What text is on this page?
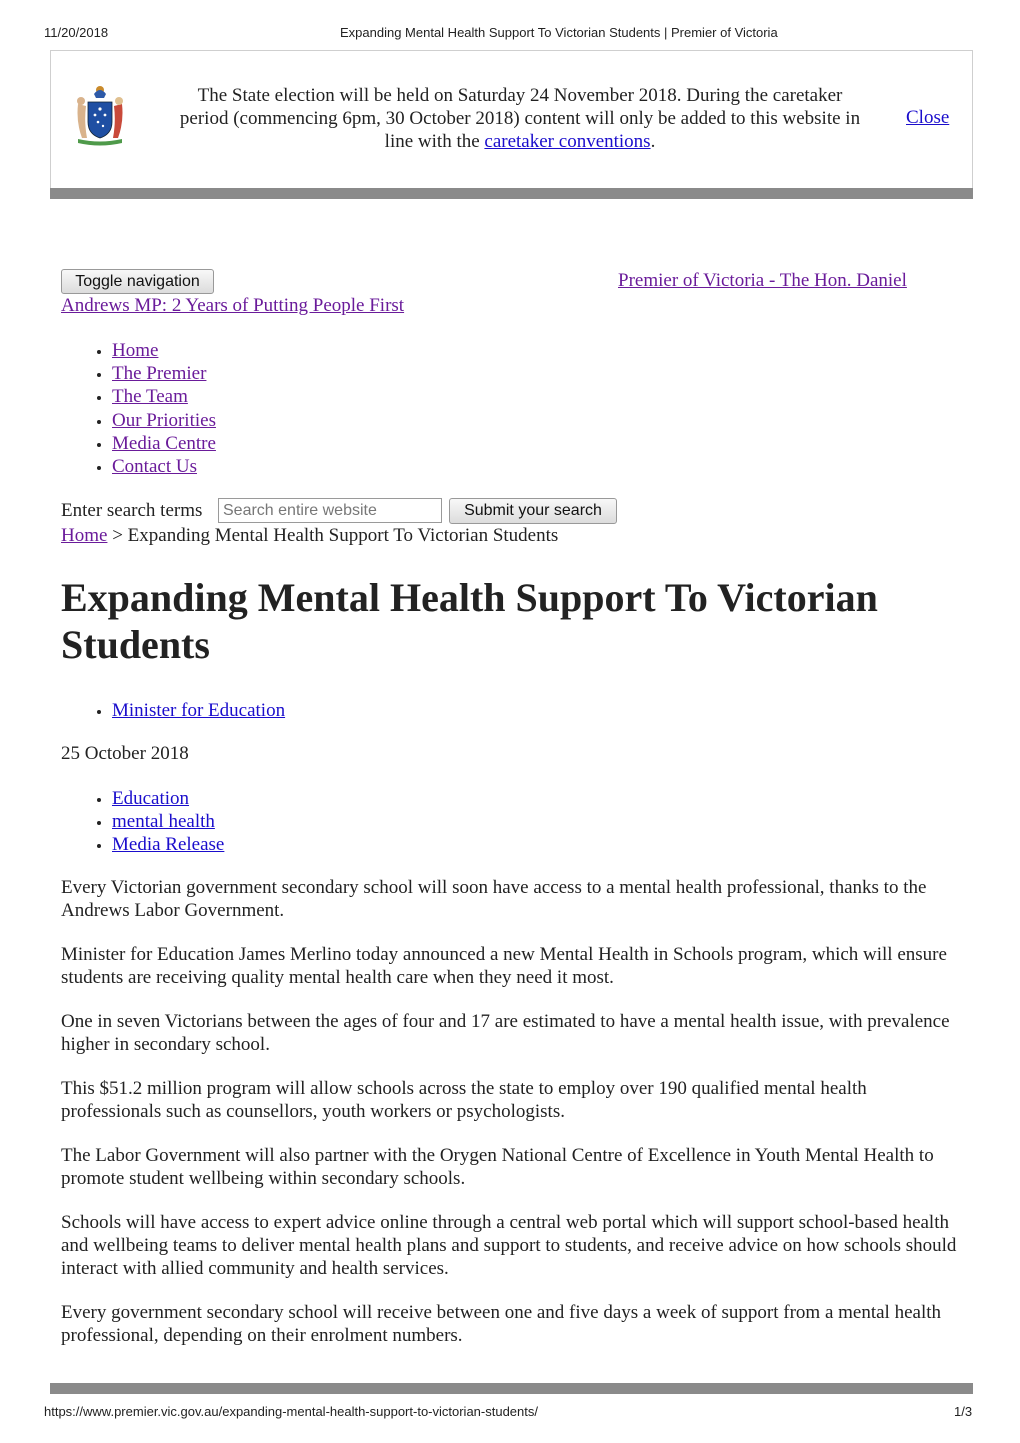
11/20/2018	Expanding Mental Health Support To Victorian Students | Premier of Victoria
The State election will be held on Saturday 24 November 2018. During the caretaker
period (commencing 6pm, 30 October 2018) content will only be added to this website in
line with the caretaker conventions.
Close
Toggle navigation	Premier of Victoria - The Hon. Daniel
Andrews MP: 2 Years of Putting People First
• Home
• The Premier
• The Team
• Our Priorities
• Media Centre
• Contact Us
Enter search terms
Search entire website	Submit your search
Home > Expanding Mental Health Support To Victorian Students
Expanding Mental Health Support To Victorian Students
• Minister for Education
25 October 2018
• Education
• mental health
• Media Release

Every Victorian government secondary school will soon have access to a mental health professional, thanks to the Andrews Labor Government.

Minister for Education James Merlino today announced a new Mental Health in Schools program, which will ensure students are receiving quality mental health care when they need it most.

One in seven Victorians between the ages of four and 17 are estimated to have a mental health issue, with prevalence higher in secondary school.

This $51.2 million program will allow schools across the state to employ over 190 qualified mental health professionals such as counsellors, youth workers or psychologists.

The Labor Government will also partner with the Orygen National Centre of Excellence in Youth Mental Health to promote student wellbeing within secondary schools.

Schools will have access to expert advice online through a central web portal which will support school-based health and wellbeing teams to deliver mental health plans and support to students, and receive advice on how schools should interact with allied community and health services.

Every government secondary school will receive between one and five days a week of support from a mental health professional, depending on their enrolment numbers.

https://www.premier.vic.gov.au/expanding-mental-health-support-to-victorian-students/	1/3
